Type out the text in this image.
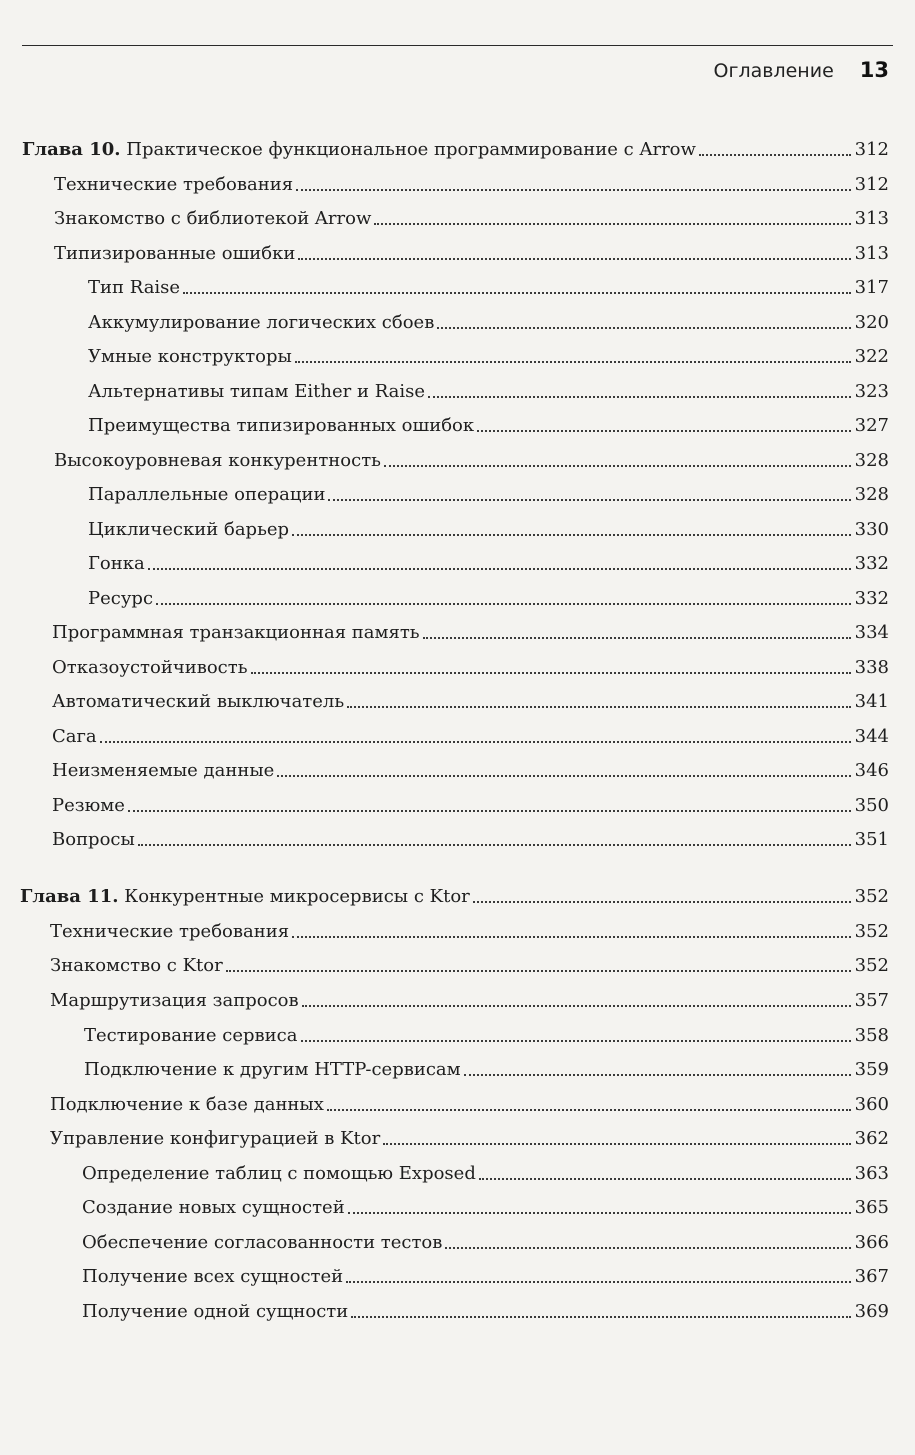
Оглавление 13
Глава 10. Практическое функциональное программирование с Arrow	312
Технические требования	312
Знакомство с библиотекой Arrow	313
Типизированные ошибки	313
Тип Raise	317
Аккумулирование логических сбоев	320
Умные конструкторы	322
Альтернативы типам Either и Raise	323
Преимущества типизированных ошибок	327
Высокоуровневая конкурентность	328
Параллельные операции	328
Циклический барьер	330
Гонка	332
Ресурс	332
Программная транзакционная память	334
Отказоустойчивость	338
Автоматический выключатель	341
Сага	344
Неизменяемые данные	346
Резюме	350
Вопросы	351
Глава 11. Конкурентные микросервисы с Ktor	352
Технические требования	352
Знакомство с Ktor	352
Маршрутизация запросов	357
Тестирование сервиса	358
Подключение к другим HTTP-сервисам	359
Подключение к базе данных	360
Управление конфигурацией в Ktor	362
Определение таблиц с помощью Exposed	363
Создание новых сущностей	365
Обеспечение согласованности тестов	366
Получение всех сущностей	367
Получение одной сущности	369
